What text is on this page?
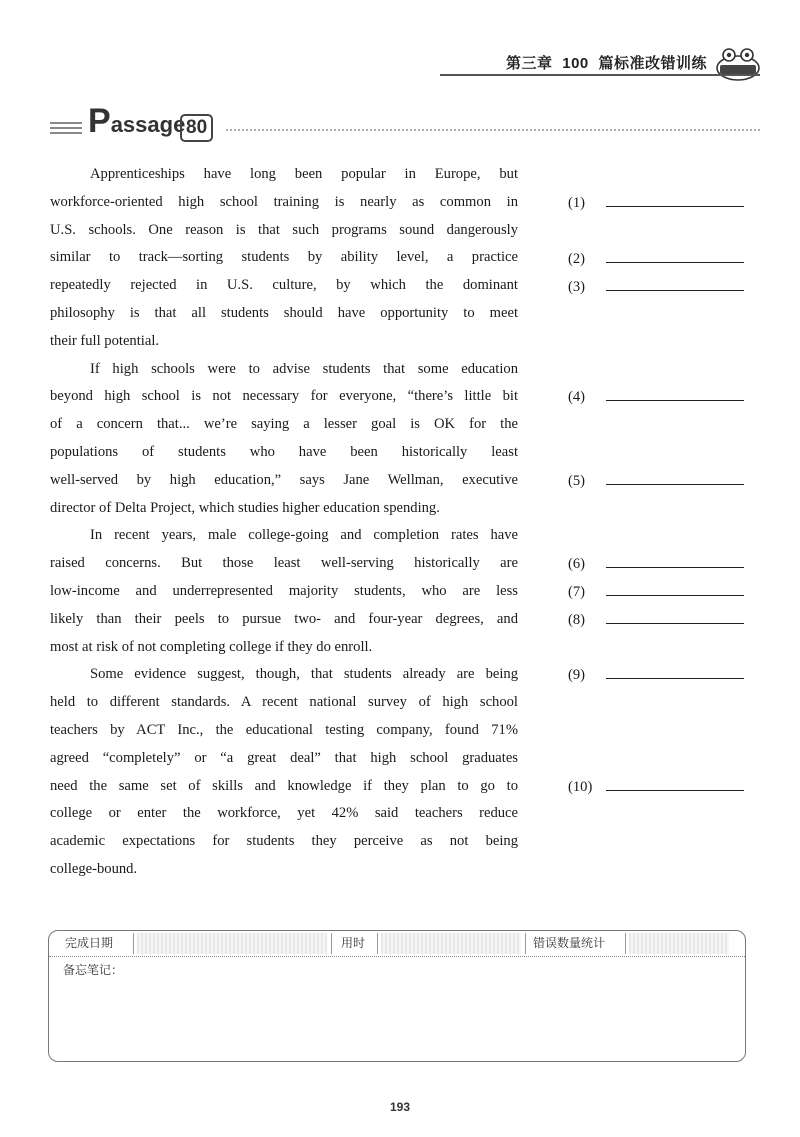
第三章 100 篇标准改错训练
Passage 80
Apprenticeships have long been popular in Europe, but
workforce-oriented high school training is nearly as common in
U.S. schools. One reason is that such programs sound dangerously
similar to track—sorting students by ability level, a practice
repeatedly rejected in U.S. culture, by which the dominant
philosophy is that all students should have opportunity to meet
their full potential.
If high schools were to advise students that some education
beyond high school is not necessary for everyone, “there’s little bit
of a concern that... we’re saying a lesser goal is OK for the
populations of students who have been historically least
well-served by high education,” says Jane Wellman, executive
director of Delta Project, which studies higher education spending.
In recent years, male college-going and completion rates have
raised concerns. But those least well-serving historically are
low-income and underrepresented majority students, who are less
likely than their peels to pursue two- and four-year degrees, and
most at risk of not completing college if they do enroll.
Some evidence suggest, though, that students already are being
held to different standards. A recent national survey of high school
teachers by ACT Inc., the educational testing company, found 71%
agreed “completely” or “a great deal” that high school graduates
need the same set of skills and knowledge if they plan to go to
college or enter the workforce, yet 42% said teachers reduce
academic expectations for students they perceive as not being
college-bound.
(1)
(2)
(3)
(4)
(5)
(6)
(7)
(8)
(9)
(10)
完成日期	用时	错误数量统计
备忘笔记：
193
